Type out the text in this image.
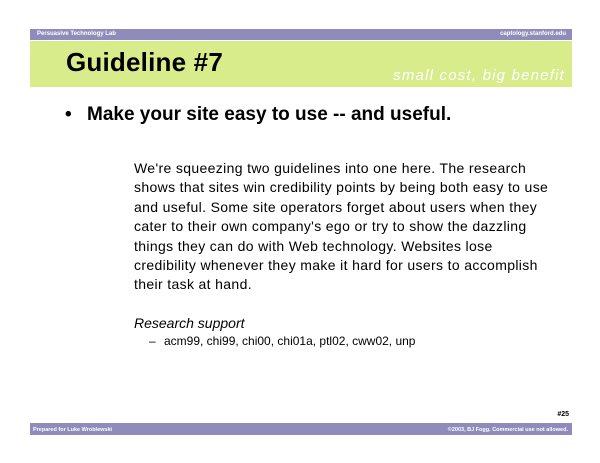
Persuasive Technology Lab	captology.stanford.edu
Guideline #7	small cost, big benefit
• Make your site easy to use -- and useful.
We're squeezing two guidelines into one here. The research shows that sites win credibility points by being both easy to use and useful. Some site operators forget about users when they cater to their own company's ego or try to show the dazzling things they can do with Web technology. Websites lose credibility whenever they make it hard for users to accomplish their task at hand.
Research support
– acm99, chi99, chi00, chi01a, ptl02, cww02, unp
#25
Prepared for Luke Wroblewski	©2003, BJ Fogg. Commercial use not allowed.
